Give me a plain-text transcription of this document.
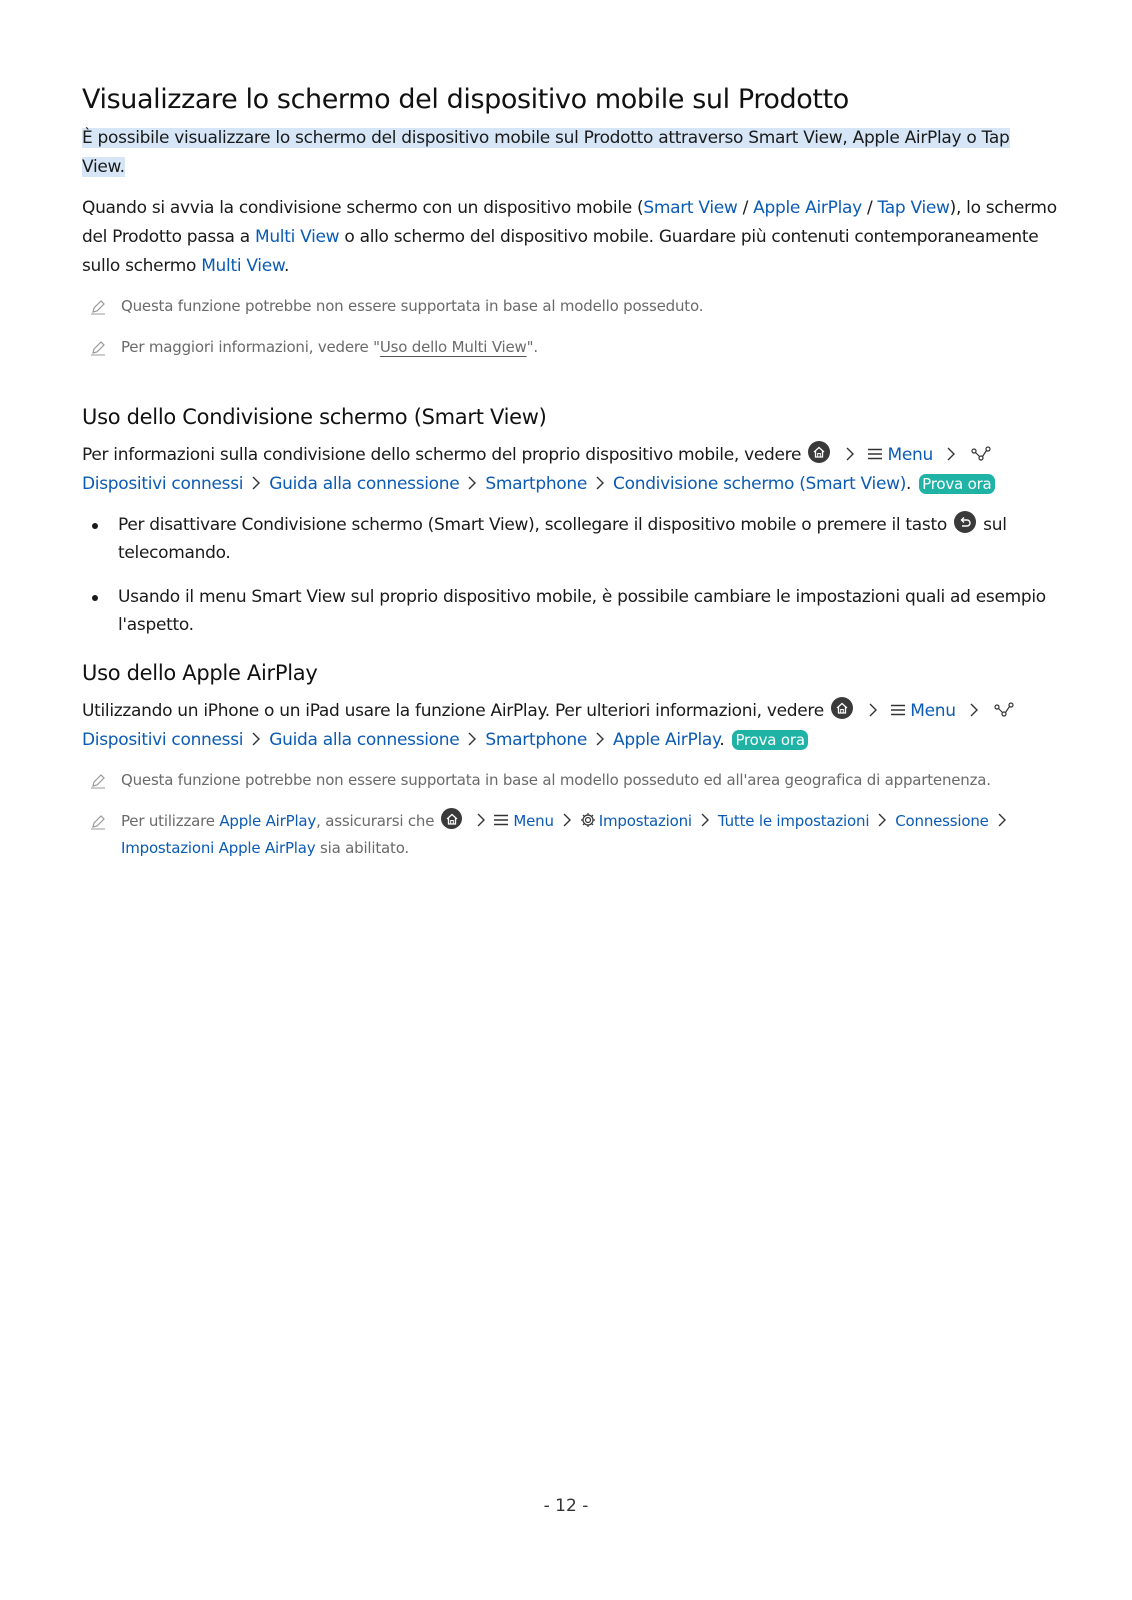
Visualizzare lo schermo del dispositivo mobile sul Prodotto
È possibile visualizzare lo schermo del dispositivo mobile sul Prodotto attraverso Smart View, Apple AirPlay o Tap View.

Quando si avvia la condivisione schermo con un dispositivo mobile (Smart View / Apple AirPlay / Tap View), lo schermo del Prodotto passa a Multi View o allo schermo del dispositivo mobile. Guardare più contenuti contemporaneamente sullo schermo Multi View.

Questa funzione potrebbe non essere supportata in base al modello posseduto.
Per maggiori informazioni, vedere "Uso dello Multi View".
Uso dello Condivisione schermo (Smart View)
Per informazioni sulla condivisione dello schermo del proprio dispositivo mobile, vedere
	Menu

Dispositivi connessi Guida alla connessione Smartphone Condivisione schermo (Smart View). Prova ora
Per disattivare Condivisione schermo (Smart View), scollegare il dispositivo mobile o premere il tasto sul telecomando.
Usando il menu Smart View sul proprio dispositivo mobile, è possibile cambiare le impostazioni quali ad esempio l'aspetto.
Uso dello Apple AirPlay
Utilizzando un iPhone o un iPad usare la funzione AirPlay. Per ulteriori informazioni, vedere
	Menu

Dispositivi connessi Guida alla connessione Smartphone Apple AirPlay. Prova ora
Questa funzione potrebbe non essere supportata in base al modello posseduto ed all'area geografica di appartenenza.
Per utilizzare Apple AirPlay, assicurarsi che
	Menu	Impostazioni Tutte le impostazioni Connessione

Impostazioni Apple AirPlay sia abilitato.
- 12 -
